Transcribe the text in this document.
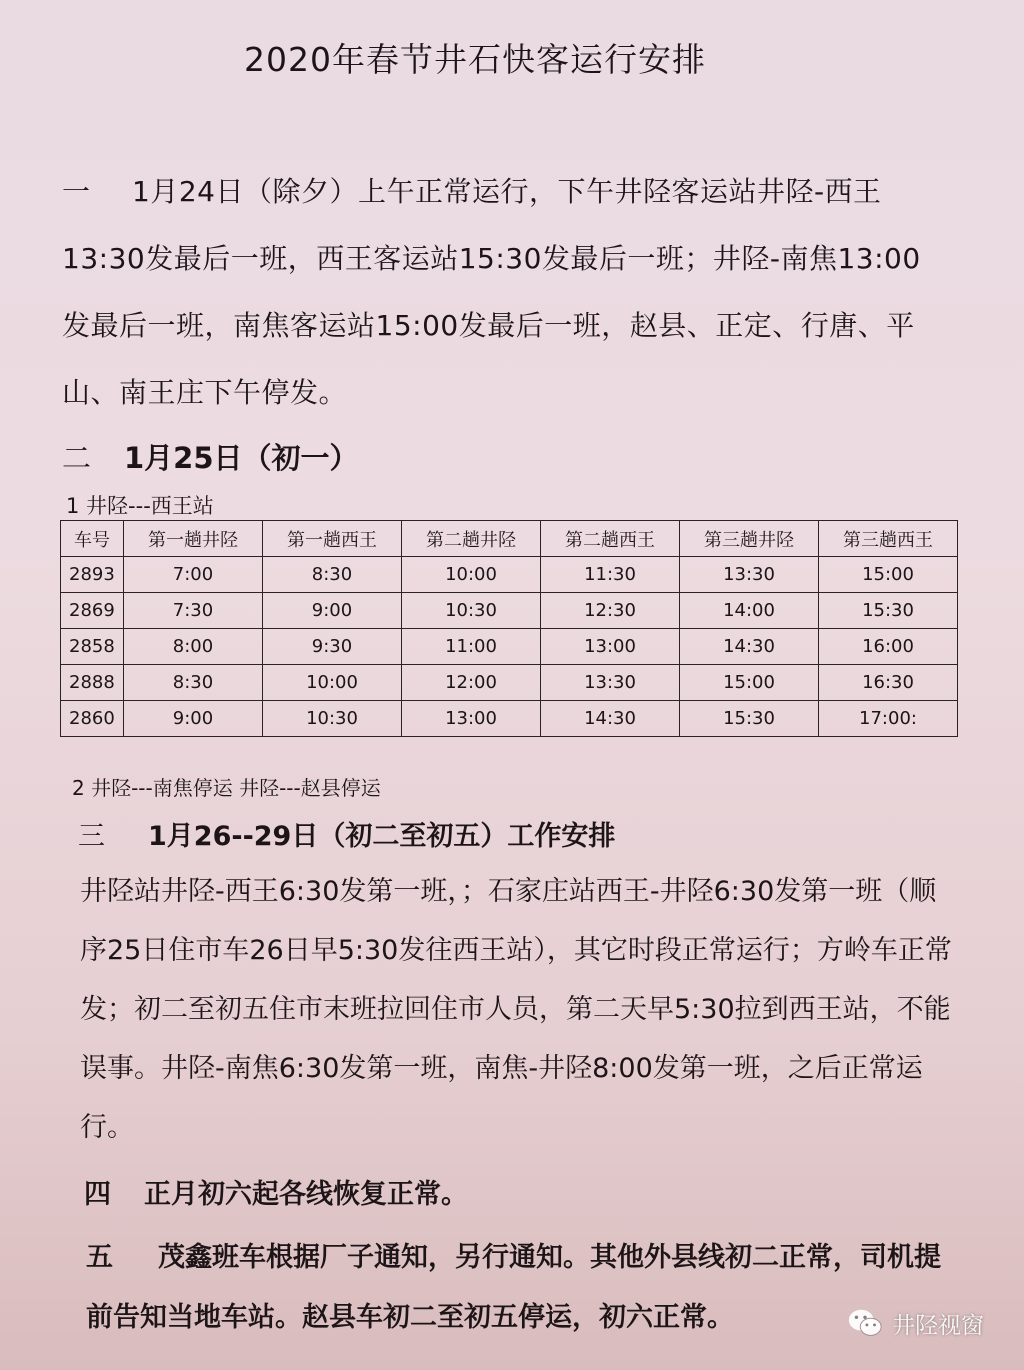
2020年春节井石快客运行安排
一 1月24日（除夕）上午正常运行，下午井陉客运站井陉-西王13:30发最后一班，西王客运站15:30发最后一班；井陉-南焦13:00发最后一班，南焦客运站15:00发最后一班，赵县、正定、行唐、平山、南王庄下午停发。
二 1月25日（初一）
1 井陉---西王站
车号	第一趟井陉	第一趟西王	第二趟井陉	第二趟西王	第三趟井陉	第三趟西王
2893	7:00	8:30	10:00	11:30	13:30	15:00
2869	7:30	9:00	10:30	12:30	14:00	15:30
2858	8:00	9:30	11:00	13:00	14:30	16:00
2888	8:30	10:00	12:00	13:30	15:00	16:30
2860	9:00	10:30	13:00	14:30	15:30	17:00:
2 井陉---南焦停运 井陉---赵县停运
三 1月26--29日（初二至初五）工作安排
井陉站井陉-西王6:30发第一班，；石家庄站西王-井陉6:30发第一班（顺序25日住市车26日早5:30发往西王站），其它时段正常运行；方岭车正常发；初二至初五住市末班拉回住市人员，第二天早5:30拉到西王站，不能误事。井陉-南焦6:30发第一班，南焦-井陉8:00发第一班，之后正常运行。
四 正月初六起各线恢复正常。
五 茂鑫班车根据厂子通知，另行通知。其他外县线初二正常，司机提前告知当地车站。赵县车初二至初五停运，初六正常。	井陉视窗
